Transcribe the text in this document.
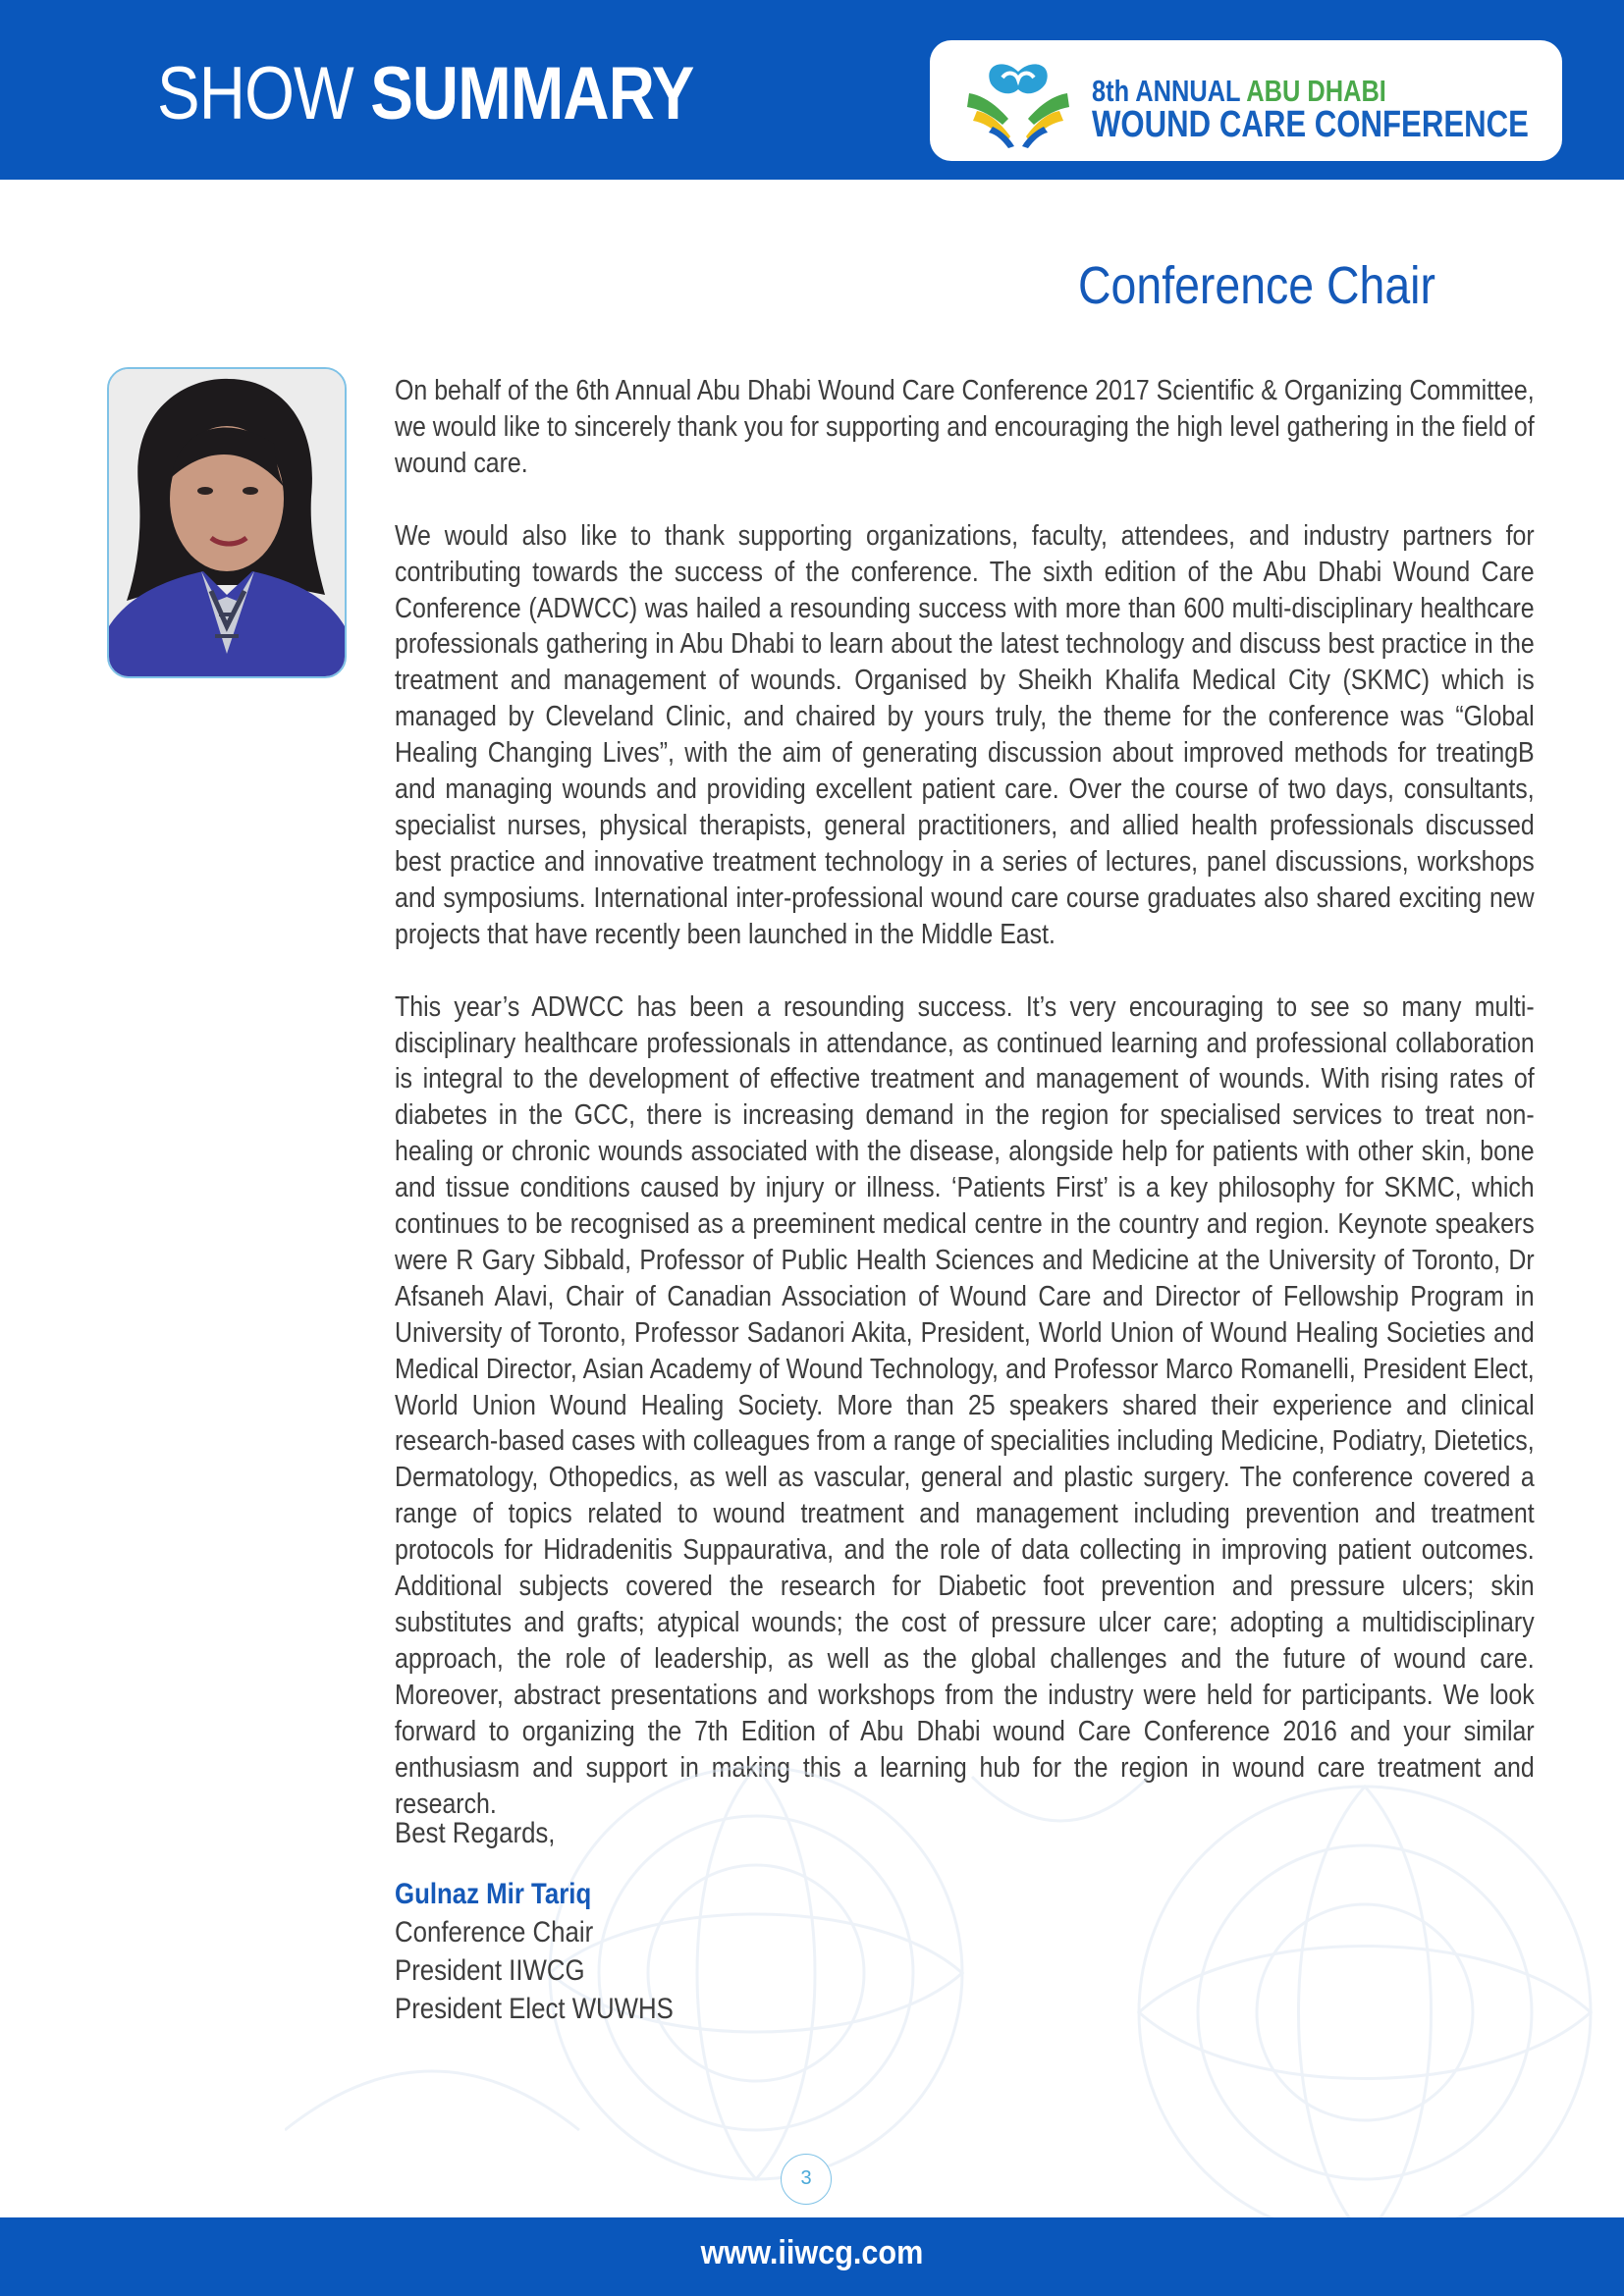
SHOW SUMMARY	8th ANNUAL ABU DHABI
WOUND CARE CONFERENCE
Conference Chair

On behalf of the 6th Annual Abu Dhabi Wound Care Conference 2017 Scientific & Organizing Committee, we would like to sincerely thank you for supporting and encouraging the high level gathering in the field of wound care.

We would also like to thank supporting organizations, faculty, attendees, and industry partners for contributing towards the success of the conference. The sixth edition of the Abu Dhabi Wound Care Conference (ADWCC) was hailed a resounding success with more than 600 multi-disciplinary healthcare professionals gathering in Abu Dhabi to learn about the latest technology and discuss best practice in the treatment and management of wounds. Organised by Sheikh Khalifa Medical City (SKMC) which is managed by Cleveland Clinic, and chaired by yours truly, the theme for the conference was “Global Healing Changing Lives”, with the aim of generating discussion about improved methods for treatingB and managing wounds and providing excellent patient care. Over the course of two days, consultants, specialist nurses, physical therapists, general practitioners, and allied health professionals discussed best practice and innovative treatment technology in a series of lectures, panel discussions, workshops and symposiums. International inter-professional wound care course graduates also shared exciting new projects that have recently been launched in the Middle East.

This year’s ADWCC has been a resounding success. It’s very encouraging to see so many multi-disciplinary healthcare professionals in attendance, as continued learning and professional collaboration is integral to the development of effective treatment and management of wounds. With rising rates of diabetes in the GCC, there is increasing demand in the region for specialised services to treat non-healing or chronic wounds associated with the disease, alongside help for patients with other skin, bone and tissue conditions caused by injury or illness. ‘Patients First’ is a key philosophy for SKMC, which continues to be recognised as a preeminent medical centre in the country and region. Keynote speakers were R Gary Sibbald, Professor of Public Health Sciences and Medicine at the University of Toronto, Dr Afsaneh Alavi, Chair of Canadian Association of Wound Care and Director of Fellowship Program in University of Toronto, Professor Sadanori Akita, President, World Union of Wound Healing Societies and Medical Director, Asian Academy of Wound Technology, and Professor Marco Romanelli, President Elect, World Union Wound Healing Society. More than 25 speakers shared their experience and clinical research-based cases with colleagues from a range of specialities including Medicine, Podiatry, Dietetics, Dermatology, Othopedics, as well as vascular, general and plastic surgery. The conference covered a range of topics related to wound treatment and management including prevention and treatment protocols for Hidradenitis Suppaurativa, and the role of data collecting in improving patient outcomes. Additional subjects covered the research for Diabetic foot prevention and pressure ulcers; skin substitutes and grafts; atypical wounds; the cost of pressure ulcer care; adopting a multidisciplinary approach, the role of leadership, as well as the global challenges and the future of wound care. Moreover, abstract presentations and workshops from the industry were held for participants. We look forward to organizing the 7th Edition of Abu Dhabi wound Care Conference 2016 and your similar enthusiasm and support in making this a learning hub for the region in wound care treatment and research.

Best Regards,
Gulnaz Mir Tariq
Conference Chair
President IIWCG
President Elect WUWHS
3
www.iiwcg.com
